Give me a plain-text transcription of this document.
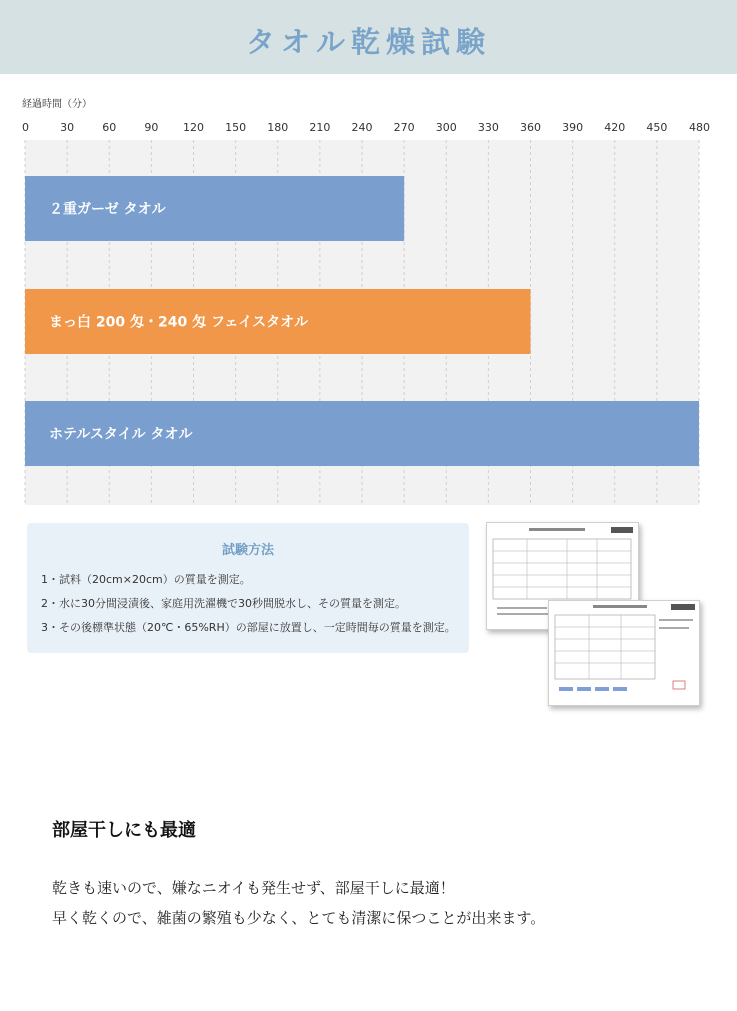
タオル乾燥試験
経過時間（分）
0	30	60	90 120 150 180 210 240 270 300 330 360 390 420 450 480
２重ガーゼ タオル
まっ白 200 匁・240 匁 フェイスタオル
ホテルスタイル タオル
試験方法
1・試料（20cm×20cm）の質量を測定。
2・水に30分間浸漬後、家庭用洗濯機で30秒間脱水し、その質量を測定。
3・その後標準状態（20℃・65%RH）の部屋に放置し、一定時間毎の質量を測定。
部屋干しにも最適
乾きも速いので、嫌なニオイも発生せず、部屋干しに最適！
早く乾くので、雑菌の繁殖も少なく、とても清潔に保つことが出来ます。
